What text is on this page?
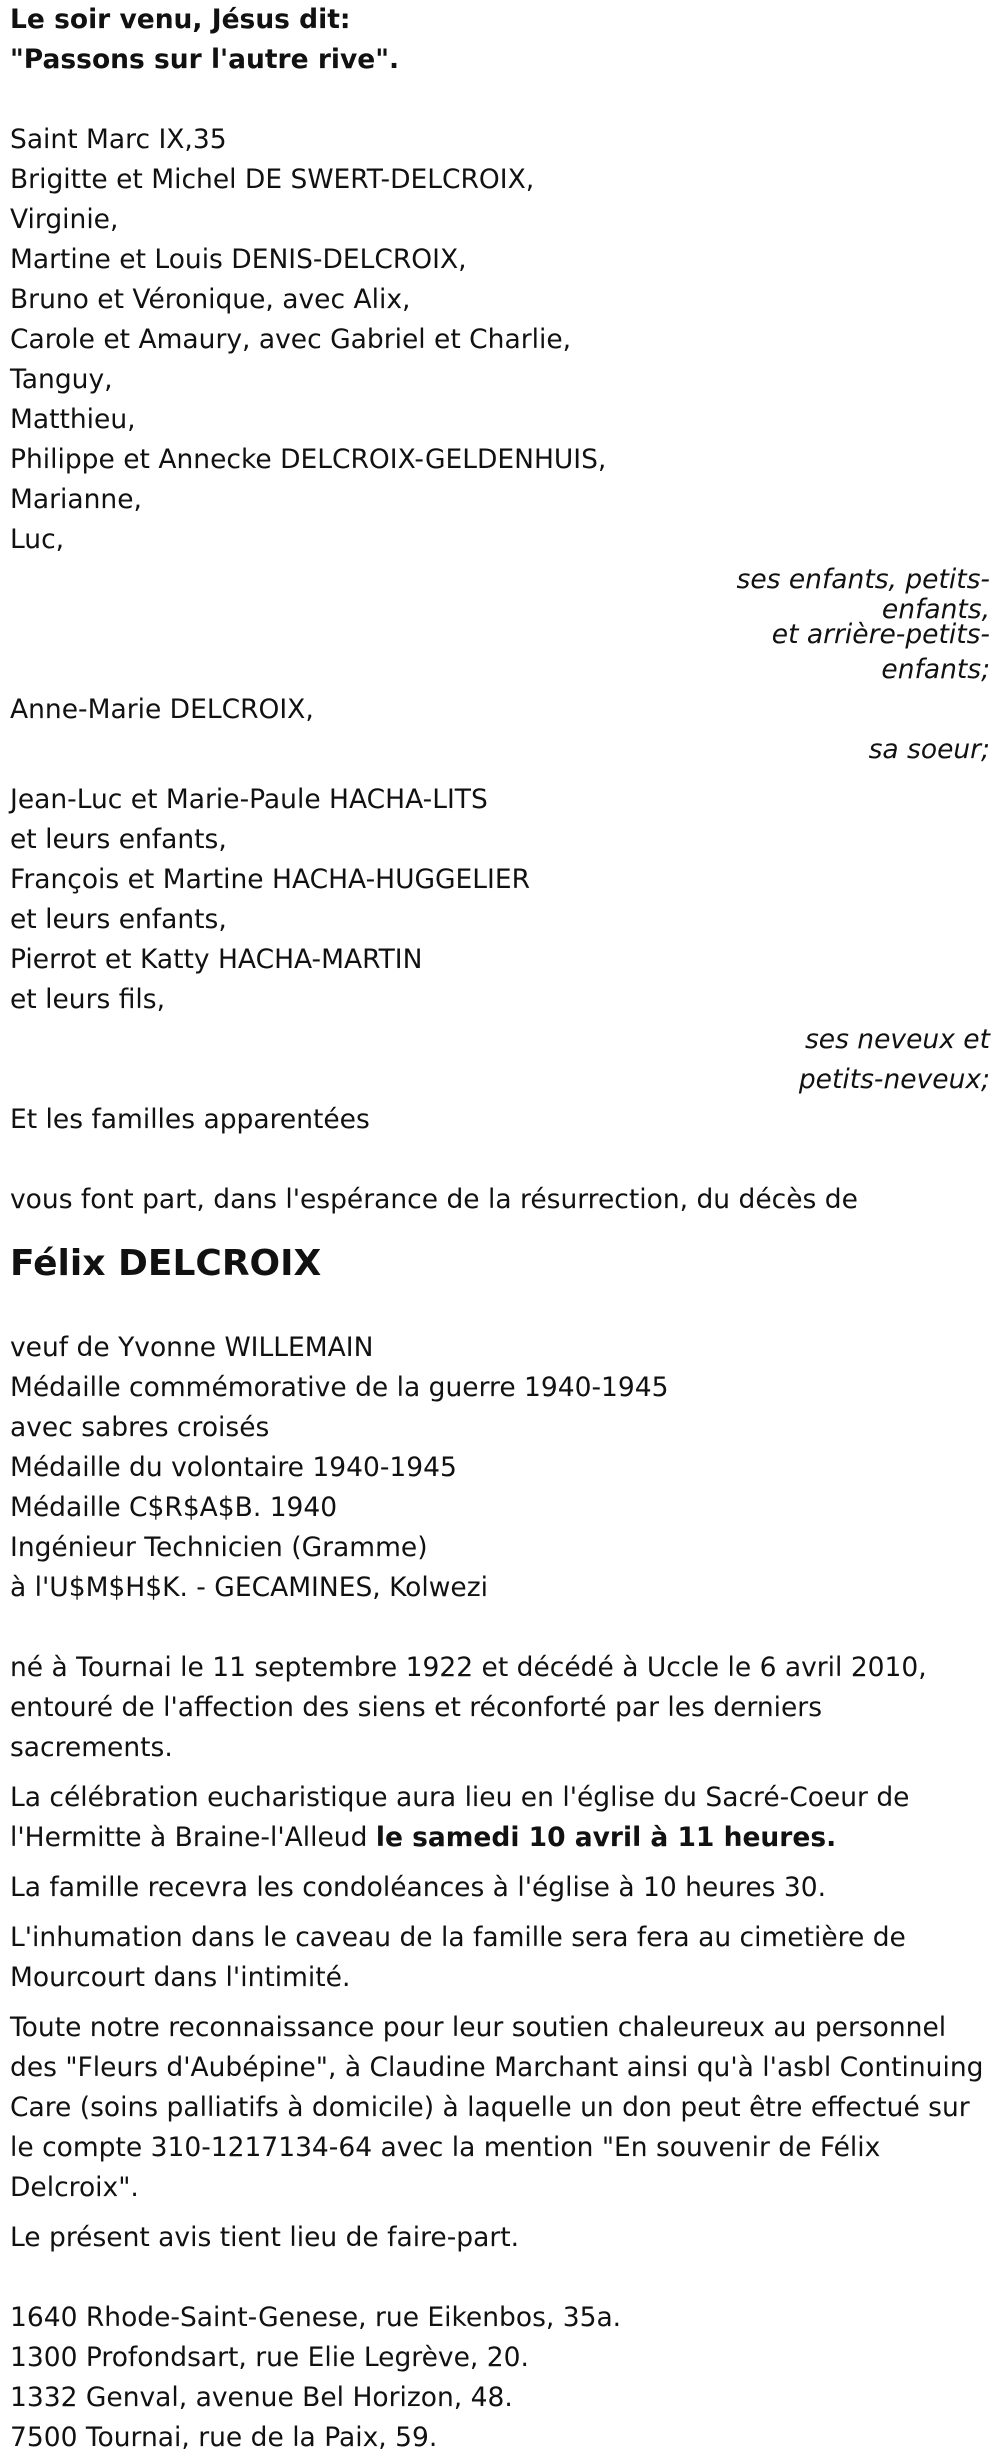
Le soir venu, Jésus dit:
"Passons sur l'autre rive".
Saint Marc IX,35
Brigitte et Michel DE SWERT-DELCROIX,
Virginie,
Martine et Louis DENIS-DELCROIX,
Bruno et Véronique, avec Alix,
Carole et Amaury, avec Gabriel et Charlie,
Tanguy,
Matthieu,
Philippe et Annecke DELCROIX-GELDENHUIS,
Marianne,
Luc,
ses enfants, petits-
enfants,
et arrière-petits-
enfants;
Anne-Marie DELCROIX,
sa soeur;
Jean-Luc et Marie-Paule HACHA-LITS
et leurs enfants,
François et Martine HACHA-HUGGELIER
et leurs enfants,
Pierrot et Katty HACHA-MARTIN
et leurs fils,
ses neveux et
petits-neveux;
Et les familles apparentées
vous font part, dans l'espérance de la résurrection, du décès de
Félix DELCROIX
veuf de Yvonne WILLEMAIN
Médaille commémorative de la guerre 1940-1945
avec sabres croisés
Médaille du volontaire 1940-1945
Médaille C$R$A$B. 1940
Ingénieur Technicien (Gramme)
à l'U$M$H$K. - GECAMINES, Kolwezi
né à Tournai le 11 septembre 1922 et décédé à Uccle le 6 avril 2010, entouré de l'affection des siens et réconforté par les derniers sacrements.
La célébration eucharistique aura lieu en l'église du Sacré-Coeur de l'Hermitte à Braine-l'Alleud le samedi 10 avril à 11 heures.
La famille recevra les condoléances à l'église à 10 heures 30.
L'inhumation dans le caveau de la famille sera fera au cimetière de Mourcourt dans l'intimité.
Toute notre reconnaissance pour leur soutien chaleureux au personnel des "Fleurs d'Aubépine", à Claudine Marchant ainsi qu'à l'asbl Continuing Care (soins palliatifs à domicile) à laquelle un don peut être effectué sur le compte 310-1217134-64 avec la mention "En souvenir de Félix Delcroix".
Le présent avis tient lieu de faire-part.
1640 Rhode-Saint-Genese, rue Eikenbos, 35a.
1300 Profondsart, rue Elie Legrève, 20.
1332 Genval, avenue Bel Horizon, 48.
7500 Tournai, rue de la Paix, 59.
